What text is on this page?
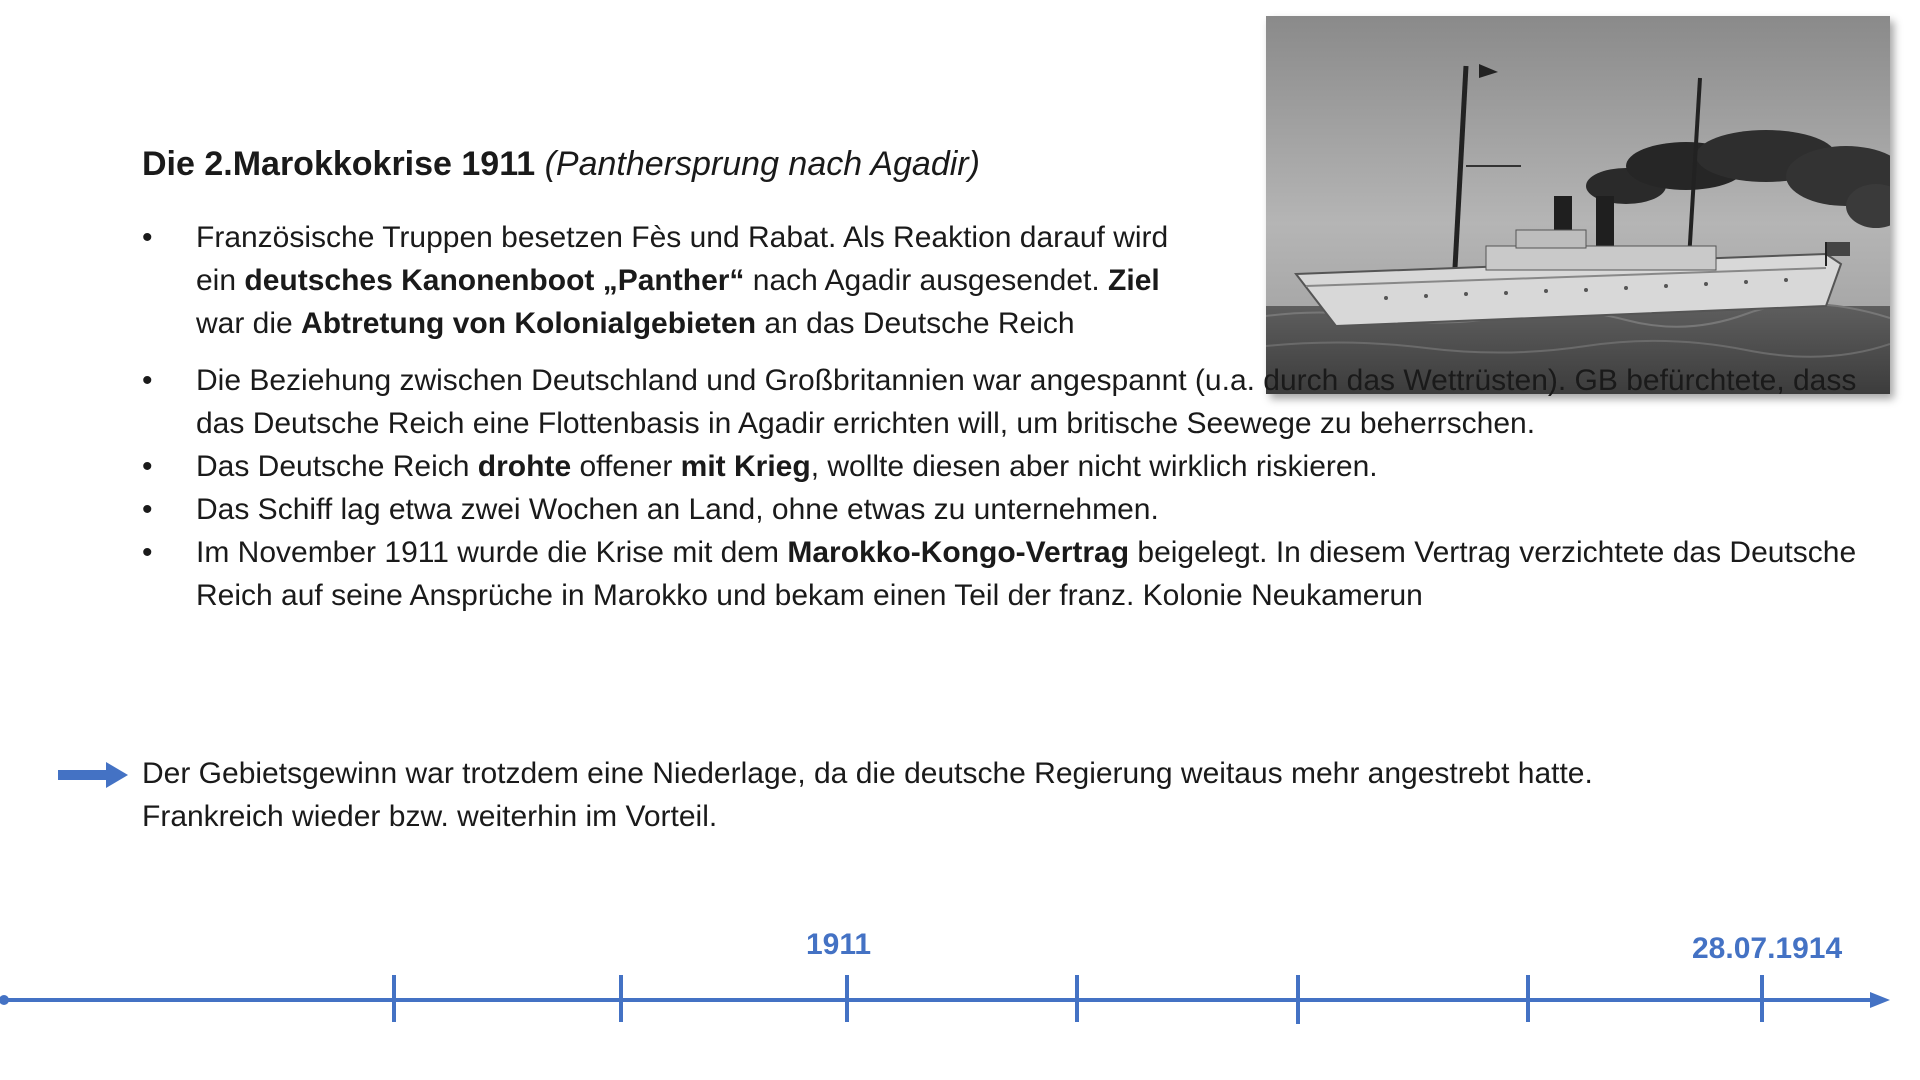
Die 2.Marokkokrise 1911 (Panthersprung nach Agadir)
• Französische Truppen besetzen Fès und Rabat. Als Reaktion darauf wird ein deutsches Kanonenboot „Panther“ nach Agadir ausgesendet. Ziel war die Abtretung von Kolonialgebieten an das Deutsche Reich
• Die Beziehung zwischen Deutschland und Großbritannien war angespannt (u.a. durch das Wettrüsten). GB befürchtete, dass das Deutsche Reich eine Flottenbasis in Agadir errichten will, um britische Seewege zu beherrschen.
• Das Deutsche Reich drohte offener mit Krieg, wollte diesen aber nicht wirklich riskieren.
• Das Schiff lag etwa zwei Wochen an Land, ohne etwas zu unternehmen.
• Im November 1911 wurde die Krise mit dem Marokko-Kongo-Vertrag beigelegt. In diesem Vertrag verzichtete das Deutsche Reich auf seine Ansprüche in Marokko und bekam einen Teil der franz. Kolonie Neukamerun
Der Gebietsgewinn war trotzdem eine Niederlage, da die deutsche Regierung weitaus mehr angestrebt hatte.
Frankreich wieder bzw. weiterhin im Vorteil.
1911	28.07.1914
